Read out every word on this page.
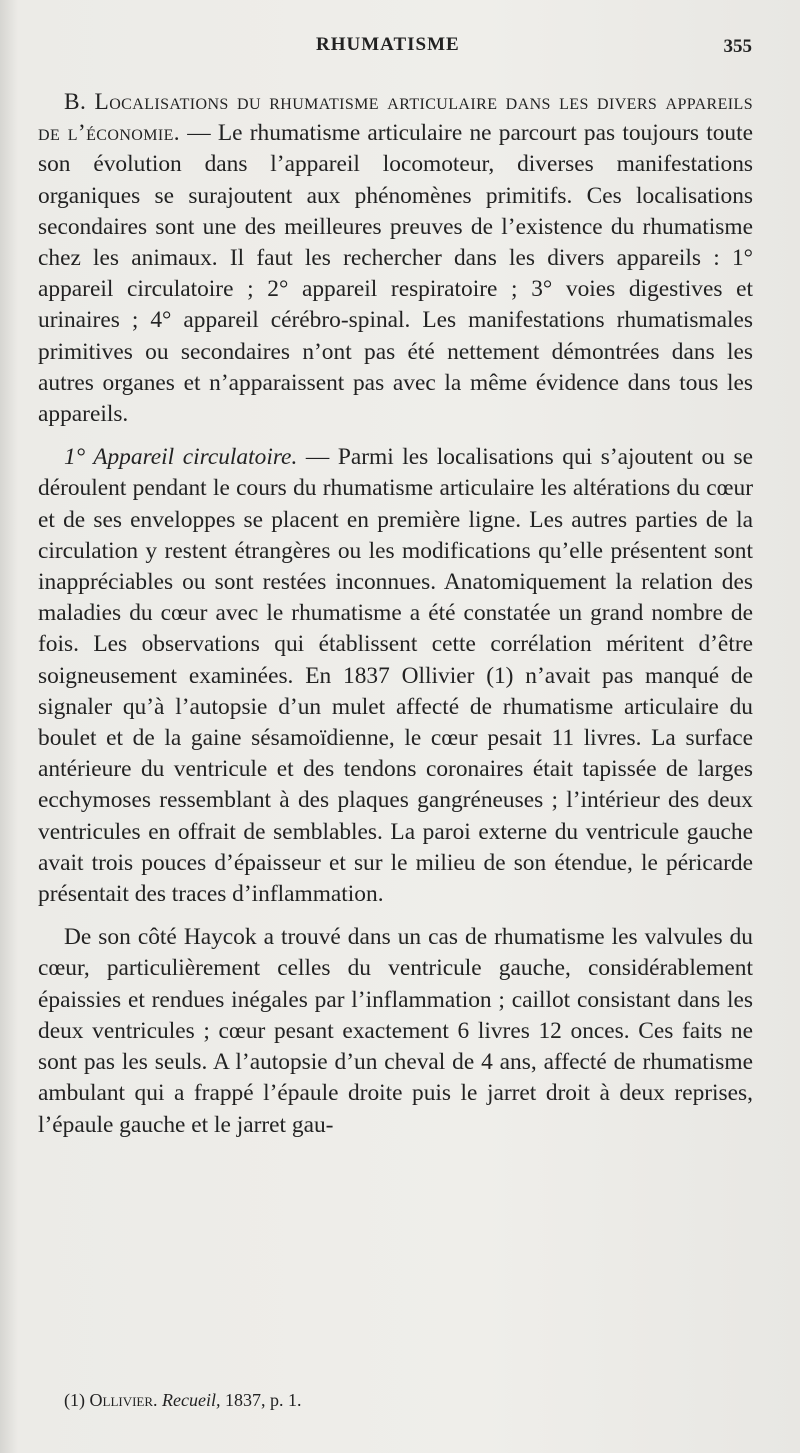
RHUMATISME	355

B. Localisations du rhumatisme articulaire dans les divers appareils de l’économie. — Le rhumatisme articulaire ne parcourt pas toujours toute son évolution dans l’appareil locomoteur, diverses manifestations organiques se surajoutent aux phénomènes primitifs. Ces localisations secondaires sont une des meilleures preuves de l’existence du rhumatisme chez les animaux. Il faut les rechercher dans les divers appareils : 1° appareil circulatoire ; 2° appareil respiratoire ; 3° voies digestives et urinaires ; 4° appareil cérébro-spinal. Les manifestations rhumatismales primitives ou secondaires n’ont pas été nettement démontrées dans les autres organes et n’apparaissent pas avec la même évidence dans tous les appareils.

1° Appareil circulatoire. — Parmi les localisations qui s’ajoutent ou se déroulent pendant le cours du rhumatisme articulaire les altérations du cœur et de ses enveloppes se placent en première ligne. Les autres parties de la circulation y restent étrangères ou les modifications qu’elle présentent sont inappréciables ou sont restées inconnues. Anatomiquement la relation des maladies du cœur avec le rhumatisme a été constatée un grand nombre de fois. Les observations qui établissent cette corrélation méritent d’être soigneusement examinées. En 1837 Ollivier (1) n’avait pas manqué de signaler qu’à l’autopsie d’un mulet affecté de rhumatisme articulaire du boulet et de la gaine sésamoïdienne, le cœur pesait 11 livres. La surface antérieure du ventricule et des tendons coronaires était tapissée de larges ecchymoses ressemblant à des plaques gangréneuses ; l’intérieur des deux ventricules en offrait de semblables. La paroi externe du ventricule gauche avait trois pouces d’épaisseur et sur le milieu de son étendue, le péricarde présentait des traces d’inflammation.

De son côté Haycok a trouvé dans un cas de rhumatisme les valvules du cœur, particulièrement celles du ventricule gauche, considérablement épaissies et rendues inégales par l’inflammation ; caillot consistant dans les deux ventricules ; cœur pesant exactement 6 livres 12 onces. Ces faits ne sont pas les seuls. A l’autopsie d’un cheval de 4 ans, affecté de rhumatisme ambulant qui a frappé l’épaule droite puis le jarret droit à deux reprises, l’épaule gauche et le jarret gau-

(1) Ollivier. Recueil, 1837, p. 1.
